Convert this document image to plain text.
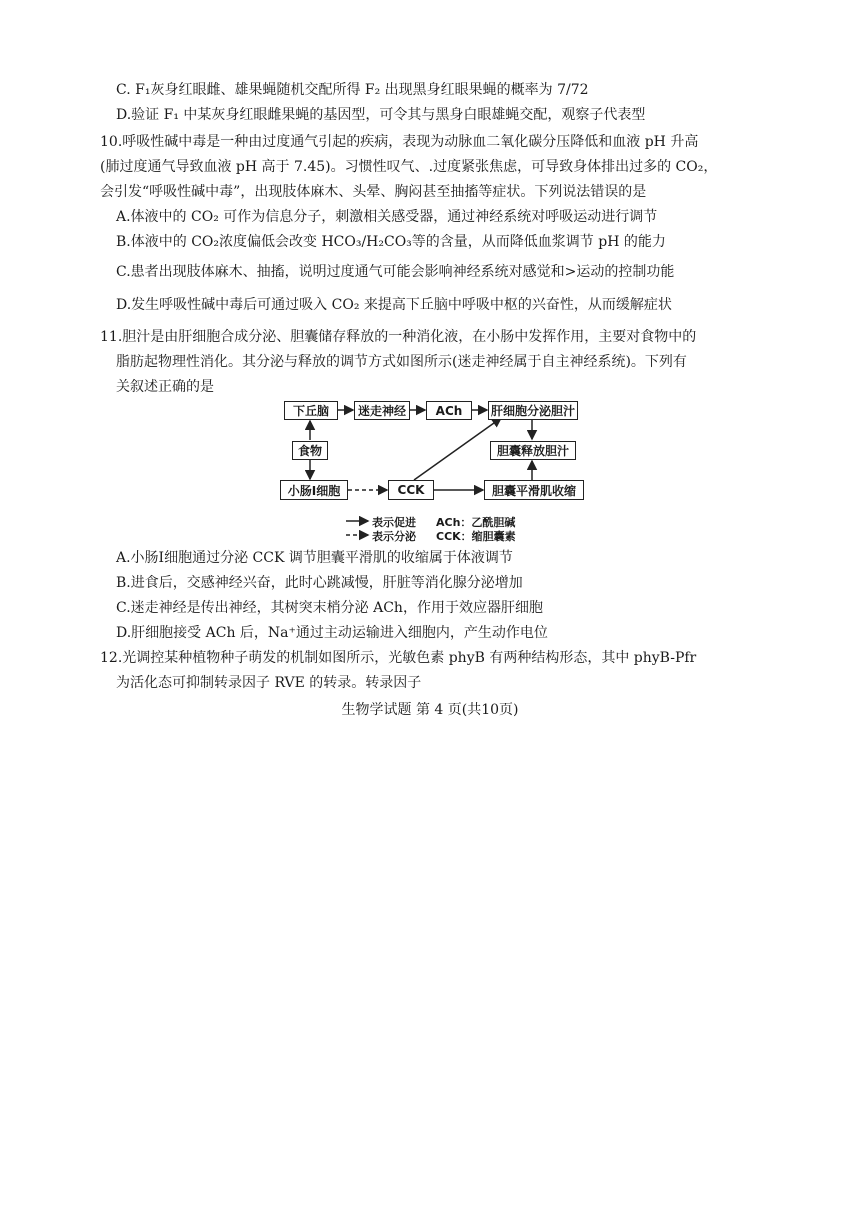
C. F₁灰身红眼雌、雄果蝇随机交配所得 F₂ 出现黑身红眼果蝇的概率为 7/72
D.验证 F₁ 中某灰身红眼雌果蝇的基因型，可令其与黑身白眼雄蝇交配，观察子代表型
10.呼吸性碱中毒是一种由过度通气引起的疾病，表现为动脉血二氧化碳分压降低和血液 pH 升高
(肺过度通气导致血液 pH 高于 7.45)。习惯性叹气、.过度紧张焦虑，可导致身体排出过多的 CO₂，
会引发“呼吸性碱中毒”，出现肢体麻木、头晕、胸闷甚至抽搐等症状。下列说法错误的是
A.体液中的 CO₂ 可作为信息分子，刺激相关感受器，通过神经系统对呼吸运动进行调节
B.体液中的 CO₂浓度偏低会改变 HCO₃/H₂CO₃等的含量，从而降低血浆调节 pH 的能力
C.患者出现肢体麻木、抽搐，说明过度通气可能会影响神经系统对感觉和>运动的控制功能
D.发生呼吸性碱中毒后可通过吸入 CO₂ 来提高下丘脑中呼吸中枢的兴奋性，从而缓解症状
11.胆汁是由肝细胞合成分泌、胆囊储存释放的一种消化液，在小肠中发挥作用，主要对食物中的
脂肪起物理性消化。其分泌与释放的调节方式如图所示(迷走神经属于自主神经系统)。下列有
关叙述正确的是
下丘脑	迷走神经	ACh	肝细胞分泌胆汁
食物	胆囊释放胆汁
小肠I细胞	CCK	胆囊平滑肌收缩
表示促进
表示分泌
ACh：乙酰胆碱
CCK：缩胆囊素
A.小肠Ⅰ细胞通过分泌 CCK 调节胆囊平滑肌的收缩属于体液调节
B.进食后，交感神经兴奋，此时心跳减慢，肝脏等消化腺分泌增加
C.迷走神经是传出神经，其树突末梢分泌 ACh，作用于效应器肝细胞
D.肝细胞接受 ACh 后，Na⁺通过主动运输进入细胞内，产生动作电位
12.光调控某种植物种子萌发的机制如图所示，光敏色素 phyB 有两种结构形态，其中 phyB-Pfr
为活化态可抑制转录因子 RVE 的转录。转录因子
生物学试题 第 4 页(共10页)
